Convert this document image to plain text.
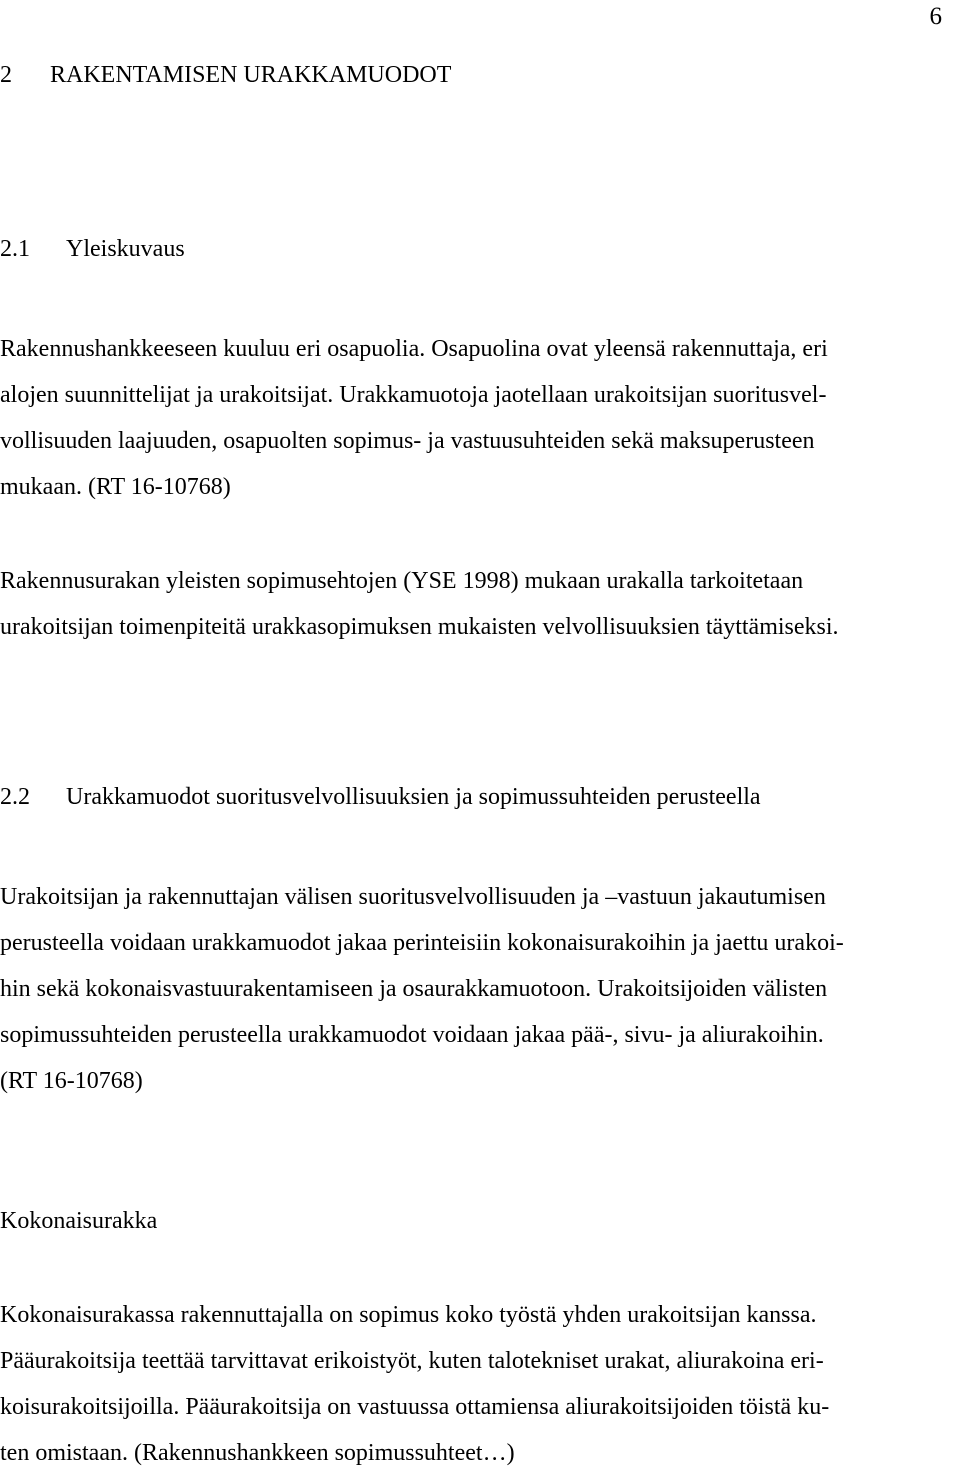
6
2 RAKENTAMISEN URAKKAMUODOT
2.1 Yleiskuvaus
Rakennushankkeeseen kuuluu eri osapuolia. Osapuolina ovat yleensä rakennuttaja, eri
alojen suunnittelijat ja urakoitsijat. Urakkamuotoja jaotellaan urakoitsijan suoritusvel-
vollisuuden laajuuden, osapuolten sopimus- ja vastuusuhteiden sekä maksuperusteen
mukaan. (RT 16-10768)
Rakennusurakan yleisten sopimusehtojen (YSE 1998) mukaan urakalla tarkoitetaan
urakoitsijan toimenpiteitä urakkasopimuksen mukaisten velvollisuuksien täyttämiseksi.
2.2 Urakkamuodot suoritusvelvollisuuksien ja sopimussuhteiden perusteella
Urakoitsijan ja rakennuttajan välisen suoritusvelvollisuuden ja –vastuun jakautumisen
perusteella voidaan urakkamuodot jakaa perinteisiin kokonaisurakoihin ja jaettu urakoi-
hin sekä kokonaisvastuurakentamiseen ja osaurakkamuotoon. Urakoitsijoiden välisten
sopimussuhteiden perusteella urakkamuodot voidaan jakaa pää-, sivu- ja aliurakoihin.
(RT 16-10768)
Kokonaisurakka
Kokonaisurakassa rakennuttajalla on sopimus koko työstä yhden urakoitsijan kanssa.
Pääurakoitsija teettää tarvittavat erikoistyöt, kuten talotekniset urakat, aliurakoina eri-
koisurakoitsijoilla. Pääurakoitsija on vastuussa ottamiensa aliurakoitsijoiden töistä ku-
ten omistaan. (Rakennushankkeen sopimussuhteet…)
